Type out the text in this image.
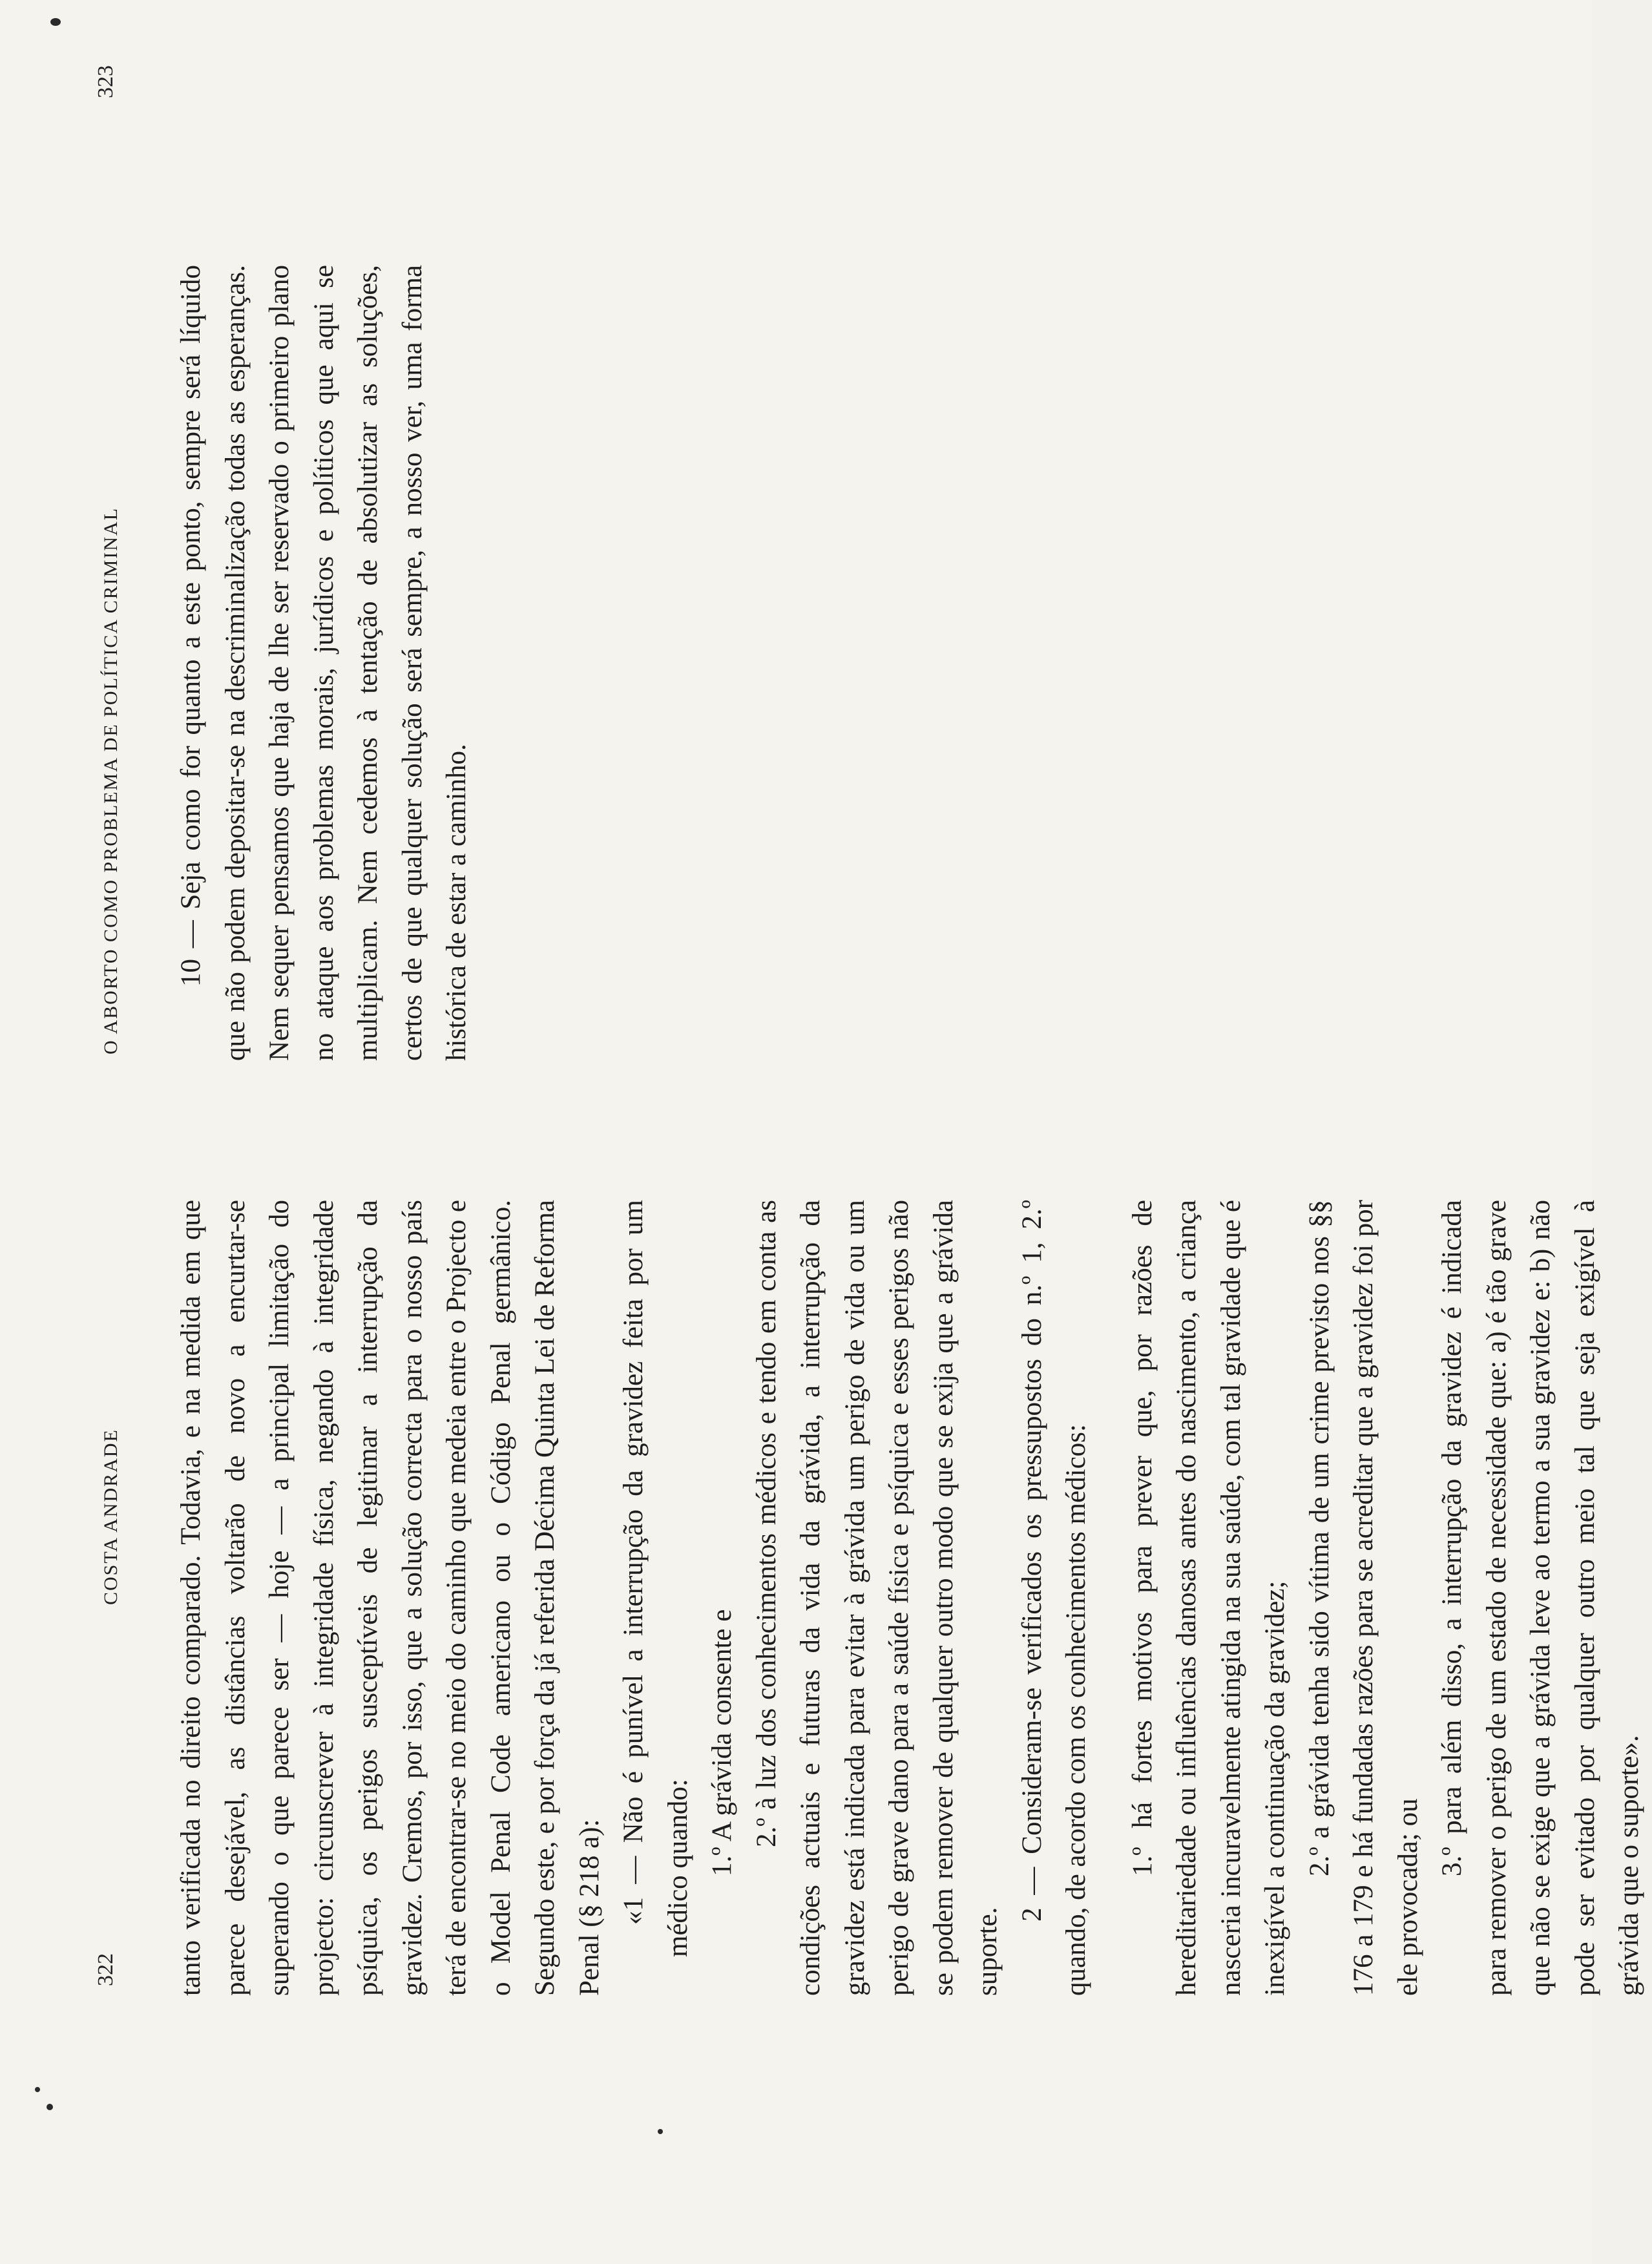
322
COSTA ANDRADE tanto verificada no direito comparado. Todavia, e na medida em que parece desejável, as distâncias voltarão de novo a encurtar-se superando o que parece ser — hoje — a principal limitação do projecto: circunscrever à integridade física, negando à integridade psíquica, os perigos susceptíveis de legitimar a interrupção da gravidez. Cremos, por isso, que a solução correcta para o nosso país terá de encontrar-se no meio do caminho que medeia entre o Projecto e o Model Penal Code americano ou o Código Penal germânico. Segundo este, e por força da já referida Décima Quinta Lei de Reforma Penal (§ 218 a): «1 — Não é punível a interrupção da gravidez feita por um médico quando: 1.º A grávida consente e 2.º à luz dos conhecimentos médicos e tendo em conta as condições actuais e futuras da vida da grávida, a interrupção da gravidez está indicada para evitar à grávida um perigo de vida ou um perigo de grave dano para a saúde física e psíquica e esses perigos não se podem remover de qualquer outro modo que se exija que a grávida suporte.

2 — Consideram-se verificados os pressupostos do n.º 1, 2.º quando, de acordo com os conhecimentos médicos: 1.º há fortes motivos para prever que, por razões de hereditariedade ou influências danosas antes do nascimento, a criança nasceria incuravelmente atingida na sua saúde, com tal gravidade que é inexigível a continuação da gravidez; 2.º a grávida tenha sido vítima de um crime previsto nos §§ 176 a 179 e há fundadas razões para se acreditar que a gravidez foi por ele provocada; ou

3.º para além disso, a interrupção da gravidez é indicada para remover o perigo de um estado de necessidade que: a) é tão grave que não se exige que a grávida leve ao termo a sua gravidez e: b) não pode ser evitado por qualquer outro meio tal que seja exigível à grávida que o suporte».

O ABORTO COMO PROBLEMA DE POLÍTICA CRIMINAL
323

10 — Seja como for quanto a este ponto, sempre será líquido que não podem depositar-se na descriminalização todas as esperanças. Nem sequer pensamos que haja de lhe ser reservado o primeiro plano no ataque aos problemas morais, jurídicos e políticos que aqui se multiplicam. Nem cedemos à tentação de absolutizar as soluções, certos de que qualquer solução será sempre, a nosso ver, uma forma histórica de estar a caminho.
